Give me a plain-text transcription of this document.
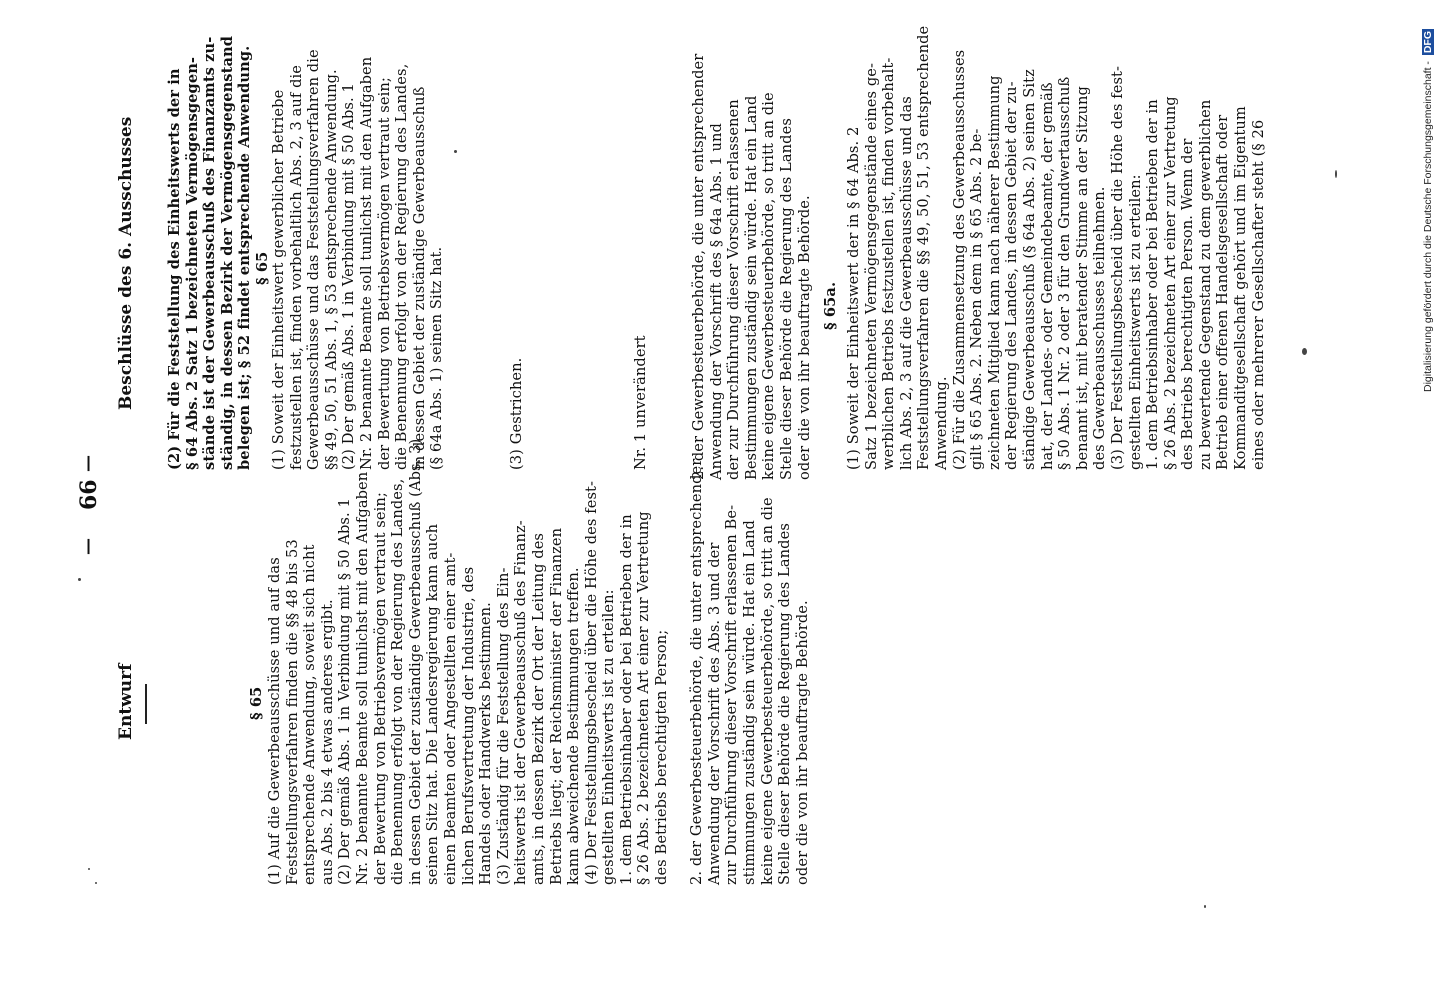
66
—
—
Entwurf
Beschlüsse des 6. Ausschusses
§ 65 (1) Auf die Gewerbeausschüsse und auf das Feststellungsverfahren finden die §§ 48 bis 53 entsprechende Anwendung, soweit sich nicht aus Abs. 2 bis 4 etwas anderes ergibt. (2) Der gemäß Abs. 1 in Verbindung mit § 50 Abs. 1 Nr. 2 benannte Beamte soll tunlichst mit den Aufgaben der Bewertung von Betriebsvermögen vertraut sein; die Benennung erfolgt von der Regierung des Landes, in dessen Gebiet der zuständige Gewerbeausschuß (Abs. 3) seinen Sitz hat. Die Landesregierung kann auch einen Beamten oder Angestellten einer amt- lichen Berufsvertretung der Industrie, des Handels oder Handwerks bestimmen. (3) Zuständig für die Feststellung des Ein- heitswerts ist der Gewerbeausschuß des Finanz- amts, in dessen Bezirk der Ort der Leitung des Betriebs liegt; der Reichsminister der Finanzen kann abweichende Bestimmungen treffen. (4) Der Feststellungsbescheid über die Höhe des fest- gestellten Einheitswerts ist zu erteilen: 1. dem Betriebsinhaber oder bei Betrieben der in § 26 Abs. 2 bezeichneten Art einer zur Vertretung des Betriebs berechtigten Person;

2. der Gewerbesteuerbehörde, die unter entsprechender Anwendung der Vorschrift des Abs. 3 und der zur Durchführung dieser Vorschrift erlassenen Be- stimmungen zuständig sein würde. Hat ein Land keine eigene Gewerbesteuerbehörde, so tritt an die Stelle dieser Behörde die Regierung des Landes oder die von ihr beauftragte Behörde.

(2) Für die Feststellung des Einheitswerts der in § 64 Abs. 2 Satz 1 bezeichneten Vermögensgegen- stände ist der Gewerbeausschuß des Finanzamts zu- ständig, in dessen Bezirk der Vermögensgegenstand belegen ist; § 52 findet entsprechende Anwendung. § 65 (1) Soweit der Einheitswert gewerblicher Betriebe festzustellen ist, finden vorbehaltlich Abs. 2, 3 auf die Gewerbeausschüsse und das Feststellungsverfahren die §§ 49, 50, 51 Abs. 1, § 53 entsprechende Anwendung. (2) Der gemäß Abs. 1 in Verbindung mit § 50 Abs. 1 Nr. 2 benannte Beamte soll tunlichst mit den Aufgaben der Bewertung von Betriebsvermögen vertraut sein; die Benennung erfolgt von der Regierung des Landes, in dessen Gebiet der zuständige Gewerbeausschuß (§ 64a Abs. 1) seinen Sitz hat.	(3) Gestrichen.	Nr. 1 unverändert	2. der Gewerbesteuerbehörde, die unter entsprechender Anwendung der Vorschrift des § 64a Abs. 1 und der zur Durchführung dieser Vorschrift erlassenen Bestimmungen zuständig sein würde. Hat ein Land keine eigene Gewerbesteuerbehörde, so tritt an die Stelle dieser Behörde die Regierung des Landes oder die von ihr beauftragte Behörde. § 65a. (1) Soweit der Einheitswert der in § 64 Abs. 2 Satz 1 bezeichneten Vermögensgegenstände eines ge- werblichen Betriebs festzustellen ist, finden vorbehalt- lich Abs. 2, 3 auf die Gewerbeausschüsse und das Feststellungsverfahren die §§ 49, 50, 51, 53 entsprechende Anwendung. (2) Für die Zusammensetzung des Gewerbeausschusses gilt § 65 Abs. 2. Neben dem in § 65 Abs. 2 be- zeichneten Mitglied kann nach näherer Bestimmung der Regierung des Landes, in dessen Gebiet der zu- ständige Gewerbeausschuß (§ 64a Abs. 2) seinen Sitz hat, der Landes- oder Gemeindebeamte, der gemäß § 50 Abs. 1 Nr. 2 oder 3 für den Grundwertausschuß benannt ist, mit beratender Stimme an der Sitzung des Gewerbeausschusses teilnehmen. (3) Der Feststellungsbescheid über die Höhe des fest- gestellten Einheitswerts ist zu erteilen: 1. dem Betriebsinhaber oder bei Betrieben der in § 26 Abs. 2 bezeichneten Art einer zur Vertretung des Betriebs berechtigten Person. Wenn der zu bewertende Gegenstand zu dem gewerblichen Betrieb einer offenen Handelsgesellschaft oder Kommanditgesellschaft gehört und im Eigentum eines oder mehrerer Gesellschafter steht (§ 26	Digitalisierung gefördert durch die Deutsche Forschungsgemeinschaft - DFG
